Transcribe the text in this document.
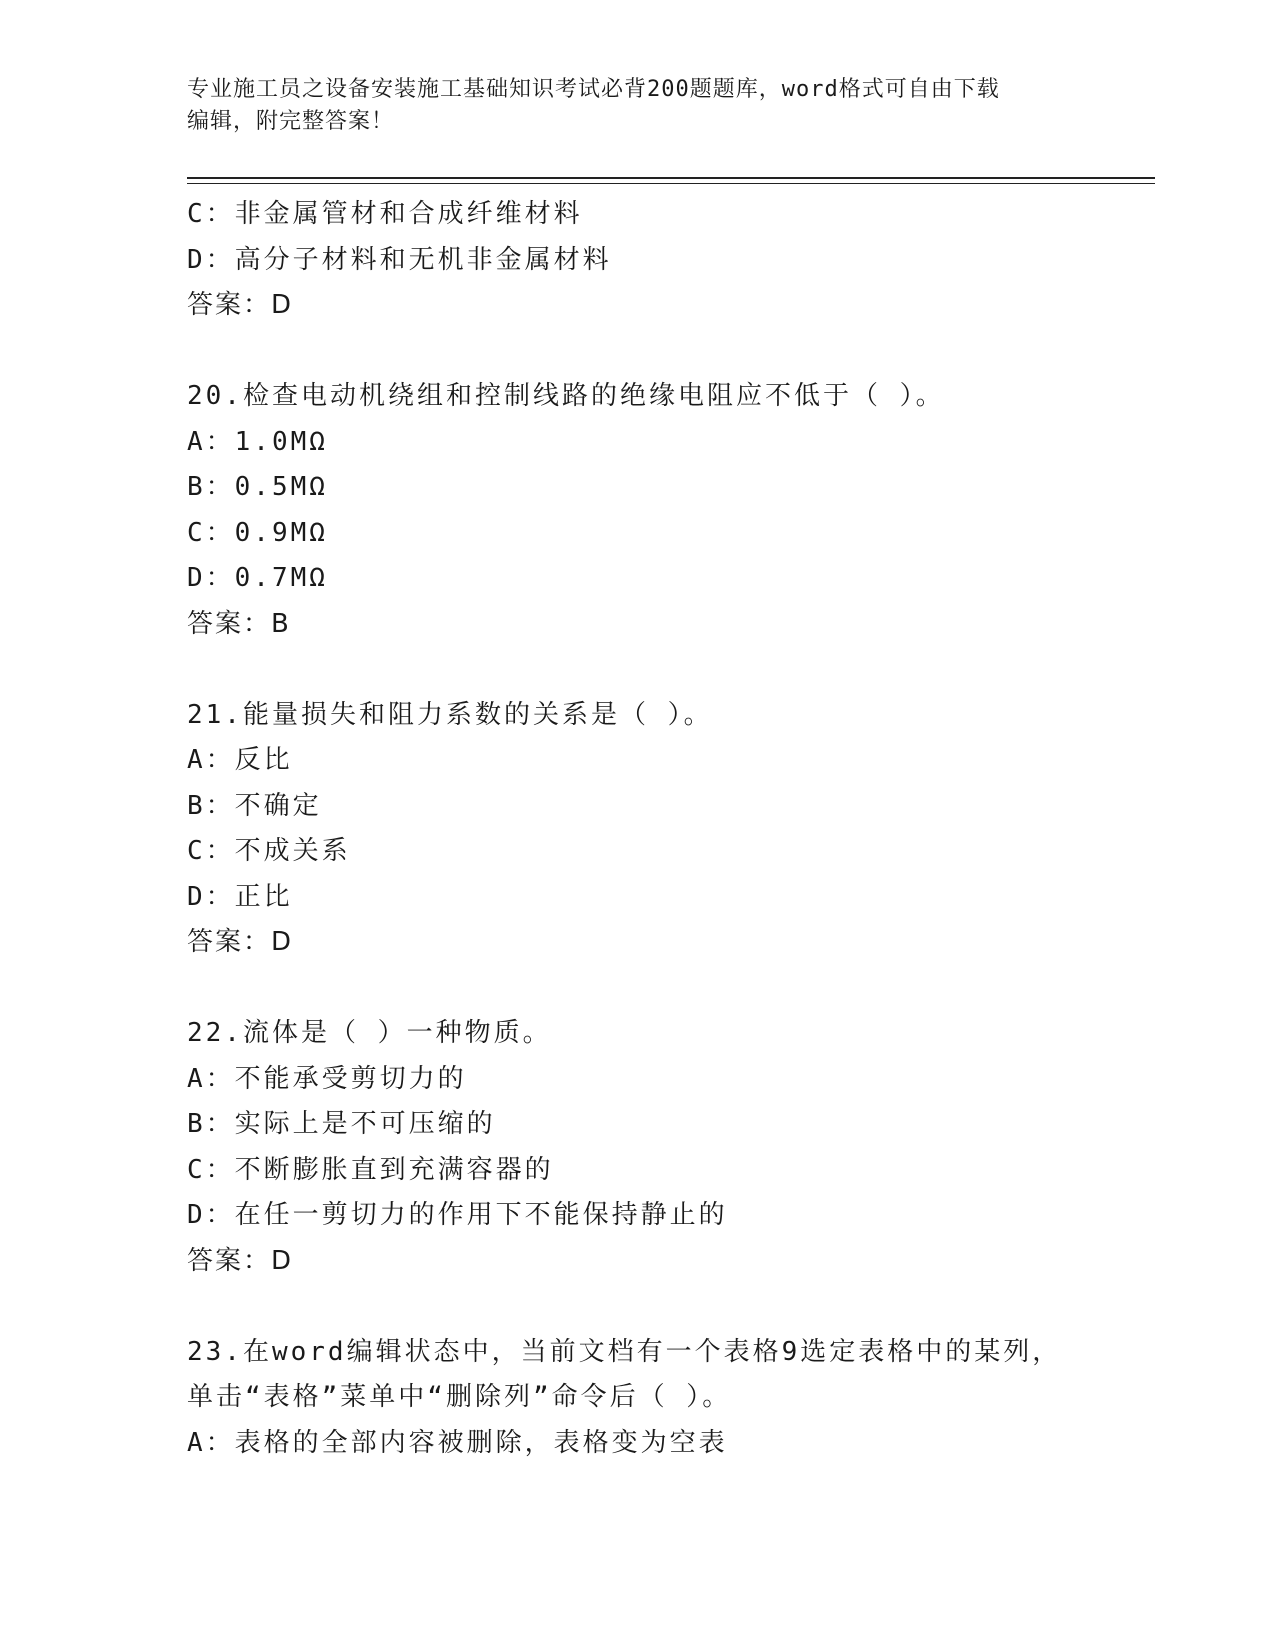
专业施工员之设备安装施工基础知识考试必背200题题库，word格式可自由下载
编辑，附完整答案！
C：非金属管材和合成纤维材料
D：高分子材料和无机非金属材料
答案：D
20.检查电动机绕组和控制线路的绝缘电阻应不低于（ ）。
A：1.0MΩ
B：0.5MΩ
C：0.9MΩ
D：0.7MΩ
答案：B
21.能量损失和阻力系数的关系是（ ）。
A：反比
B：不确定
C：不成关系
D：正比
答案：D
22.流体是（ ）一种物质。
A：不能承受剪切力的
B：实际上是不可压缩的
C：不断膨胀直到充满容器的
D：在任一剪切力的作用下不能保持静止的
答案：D
23.在word编辑状态中，当前文档有一个表格9选定表格中的某列，
单击“表格”菜单中“删除列”命令后（ ）。
A：表格的全部内容被删除，表格变为空表
